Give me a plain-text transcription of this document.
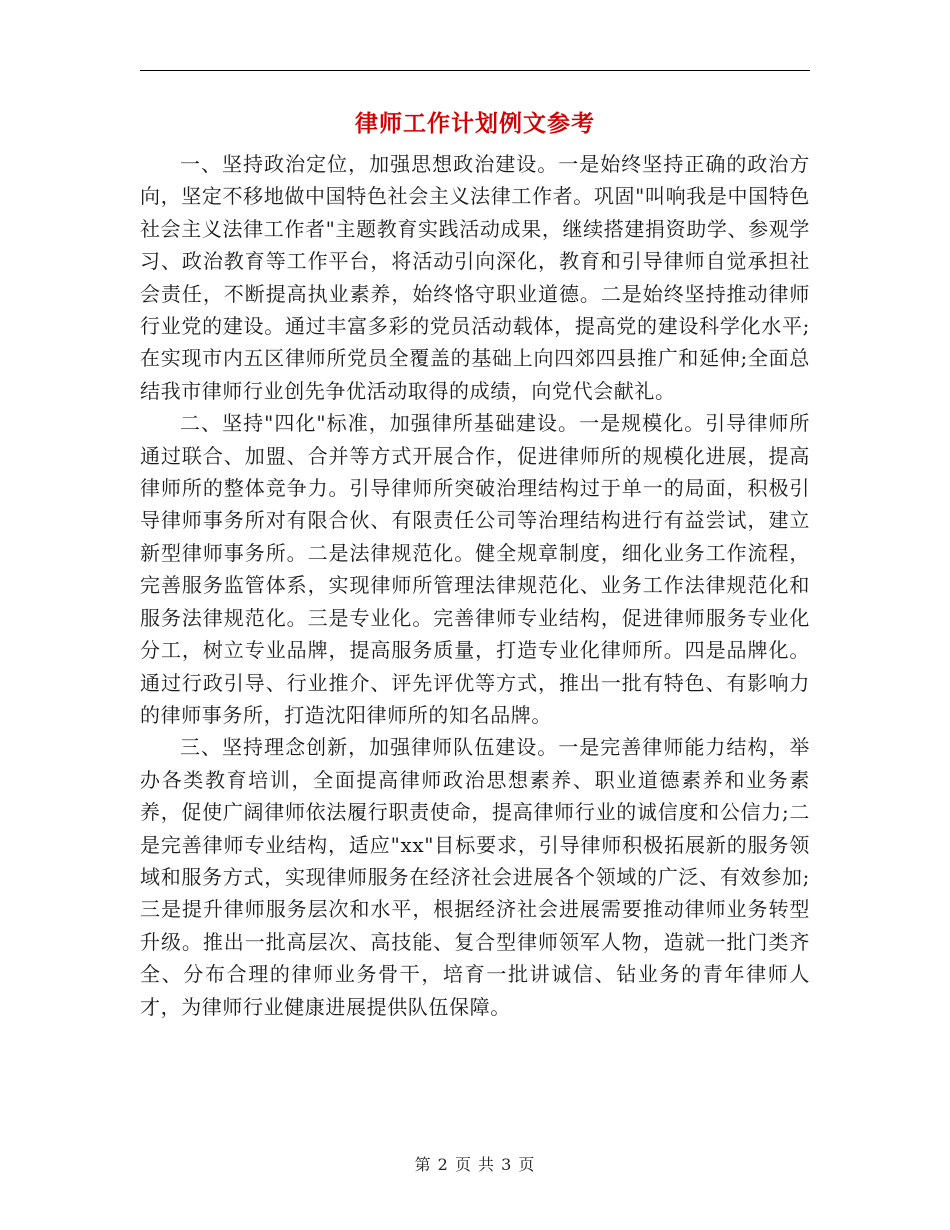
律师工作计划例文参考

一、坚持政治定位，加强思想政治建设。一是始终坚持正确的政治方向，坚定不移地做中国特色社会主义法律工作者。巩固"叫响我是中国特色社会主义法律工作者"主题教育实践活动成果，继续搭建捐资助学、参观学习、政治教育等工作平台，将活动引向深化，教育和引导律师自觉承担社会责任，不断提高执业素养，始终恪守职业道德。二是始终坚持推动律师行业党的建设。通过丰富多彩的党员活动载体，提高党的建设科学化水平;在实现市内五区律师所党员全覆盖的基础上向四郊四县推广和延伸;全面总结我市律师行业创先争优活动取得的成绩，向党代会献礼。

二、坚持"四化"标准，加强律所基础建设。一是规模化。引导律师所通过联合、加盟、合并等方式开展合作，促进律师所的规模化进展，提高律师所的整体竞争力。引导律师所突破治理结构过于单一的局面，积极引导律师事务所对有限合伙、有限责任公司等治理结构进行有益尝试，建立新型律师事务所。二是法律规范化。健全规章制度，细化业务工作流程，完善服务监管体系，实现律师所管理法律规范化、业务工作法律规范化和服务法律规范化。三是专业化。完善律师专业结构，促进律师服务专业化分工，树立专业品牌，提高服务质量，打造专业化律师所。四是品牌化。通过行政引导、行业推介、评先评优等方式，推出一批有特色、有影响力的律师事务所，打造沈阳律师所的知名品牌。

三、坚持理念创新，加强律师队伍建设。一是完善律师能力结构，举办各类教育培训，全面提高律师政治思想素养、职业道德素养和业务素养，促使广阔律师依法履行职责使命，提高律师行业的诚信度和公信力;二是完善律师专业结构，适应"xx"目标要求，引导律师积极拓展新的服务领域和服务方式，实现律师服务在经济社会进展各个领域的广泛、有效参加;三是提升律师服务层次和水平，根据经济社会进展需要推动律师业务转型升级。推出一批高层次、高技能、复合型律师领军人物，造就一批门类齐全、分布合理的律师业务骨干，培育一批讲诚信、钻业务的青年律师人才，为律师行业健康进展提供队伍保障。

第 2 页 共 3 页
